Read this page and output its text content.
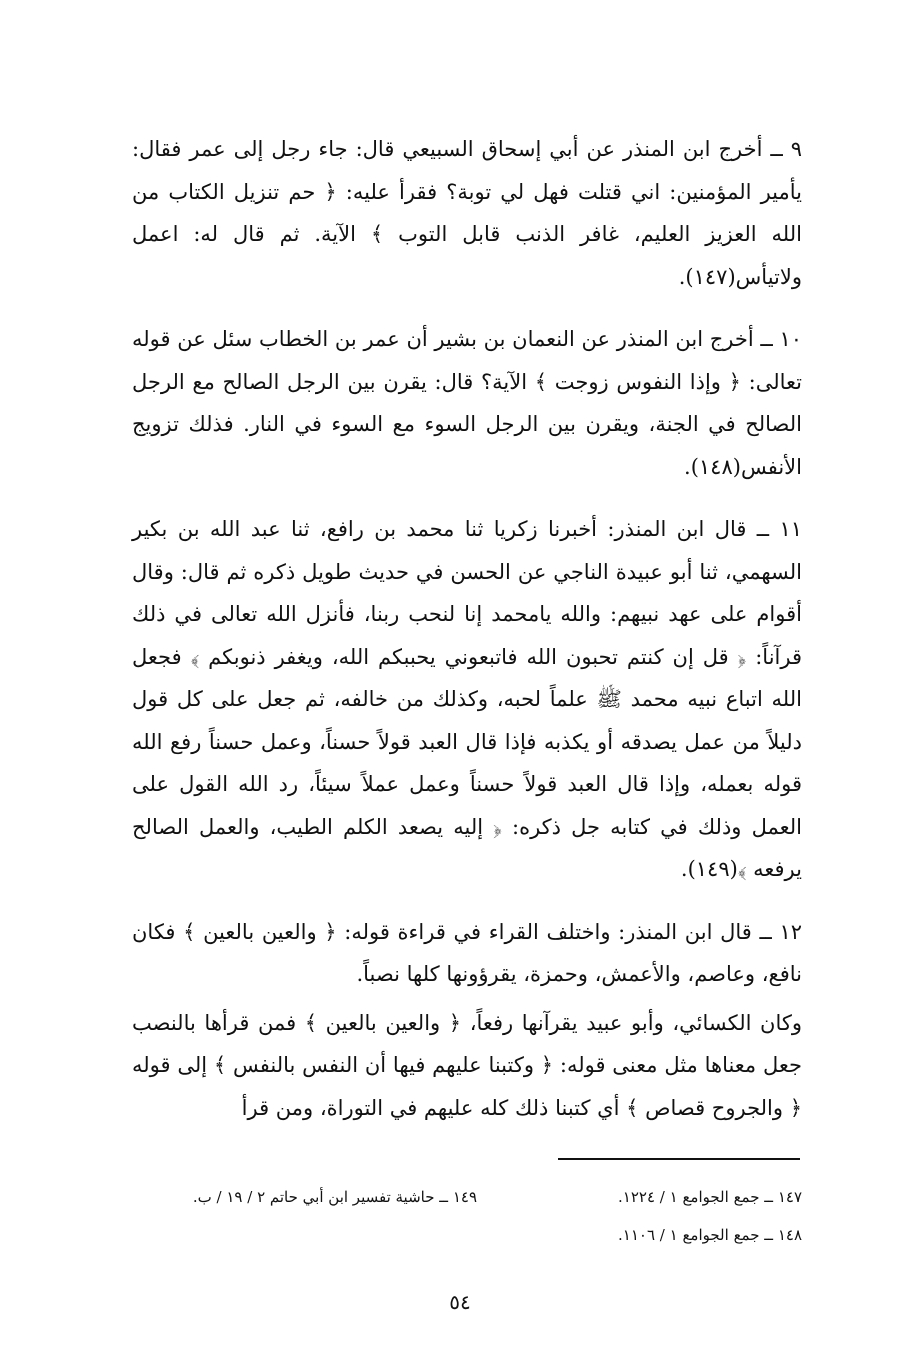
٩ ــ أخرج ابن المنذر عن أبي إسحاق السبيعي قال: جاء رجل إلى عمر فقال: يأمير المؤمنين: اني قتلت فهل لي توبة؟ فقرأ عليه: ﴿ حم تنزيل الكتاب من الله العزيز العليم، غافر الذنب قابل التوب ﴾ الآية. ثم قال له: اعمل ولاتيأس(١٤٧).

١٠ ــ أخرج ابن المنذر عن النعمان بن بشير أن عمر بن الخطاب سئل عن قوله تعالى: ﴿ وإذا النفوس زوجت ﴾ الآية؟ قال: يقرن بين الرجل الصالح مع الرجل الصالح في الجنة، ويقرن بين الرجل السوء مع السوء في النار. فذلك تزويج الأنفس(١٤٨).

١١ ــ قال ابن المنذر: أخبرنا زكريا ثنا محمد بن رافع، ثنا عبد الله بن بكير السهمي، ثنا أبو عبيدة الناجي عن الحسن في حديث طويل ذكره ثم قال: وقال أقوام على عهد نبيهم: والله يامحمد إنا لنحب ربنا، فأنزل الله تعالى في ذلك قرآناً: ﴿ قل إن كنتم تحبون الله فاتبعوني يحببكم الله، ويغفر ذنوبكم ﴾ فجعل الله اتباع نبيه محمد ﷺ علماً لحبه، وكذلك من خالفه، ثم جعل على كل قول دليلاً من عمل يصدقه أو يكذبه فإذا قال العبد قولاً حسناً، وعمل حسناً رفع الله قوله بعمله، وإذا قال العبد قولاً حسناً وعمل عملاً سيئاً، رد الله القول على العمل وذلك في كتابه جل ذكره: ﴿ إليه يصعد الكلم الطيب، والعمل الصالح يرفعه ﴾(١٤٩).

١٢ ــ قال ابن المنذر: واختلف القراء في قراءة قوله: ﴿ والعين بالعين ﴾ فكان نافع، وعاصم، والأعمش، وحمزة، يقرؤونها كلها نصباً.

وكان الكسائي، وأبو عبيد يقرآنها رفعاً، ﴿ والعين بالعين ﴾ فمن قرأها بالنصب جعل معناها مثل معنى قوله: ﴿ وكتبنا عليهم فيها أن النفس بالنفس ﴾ إلى قوله ﴿ والجروح قصاص ﴾ أي كتبنا ذلك كله عليهم في التوراة، ومن قرأ

١٤٧ ــ جمع الجوامع ١ / ١٢٢٤.
١٤٨ ــ جمع الجوامع ١ / ١١٠٦.
١٤٩ ــ حاشية تفسير ابن أبي حاتم ٢ / ١٩ / ب.
٥٤
